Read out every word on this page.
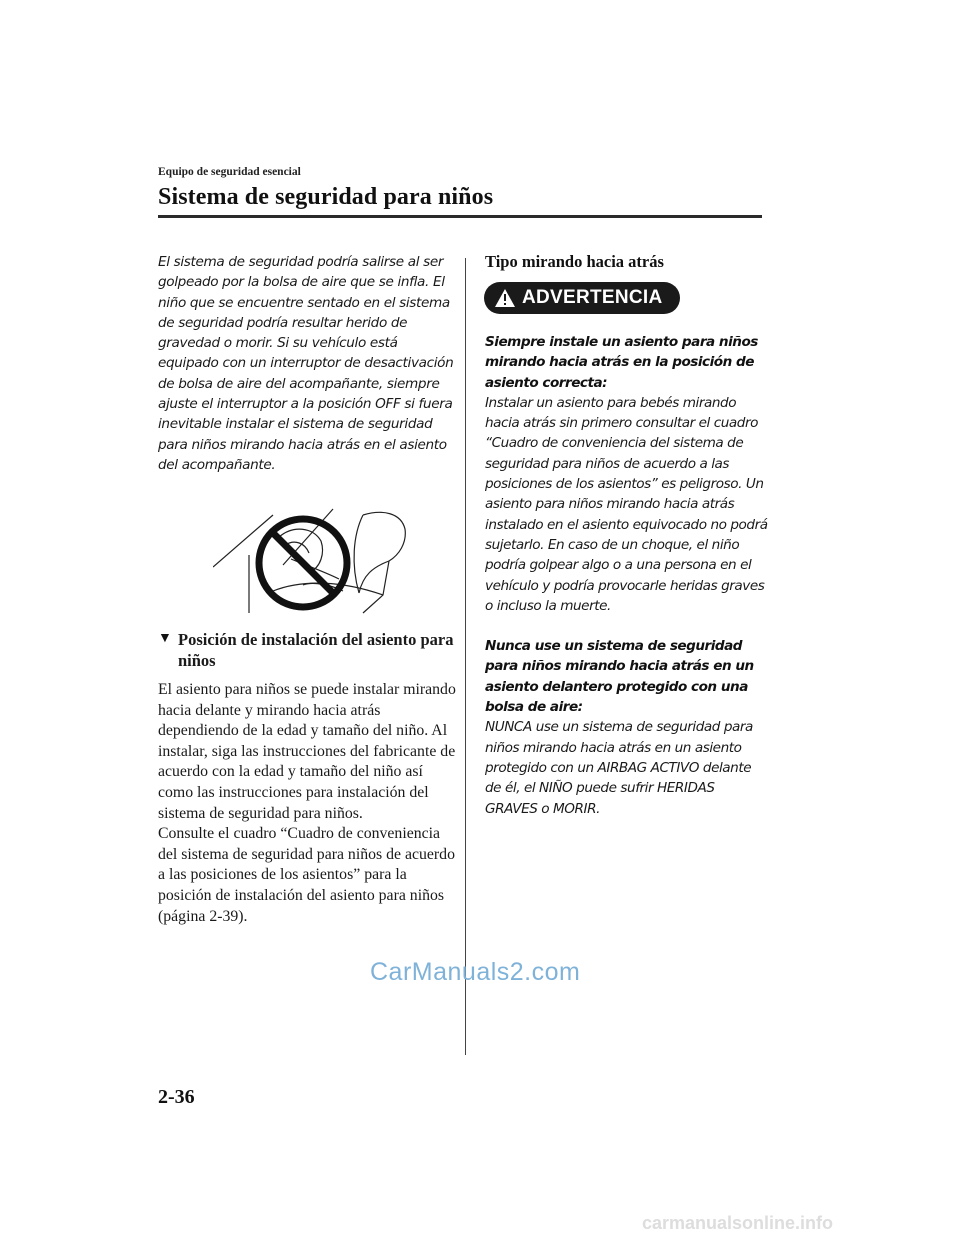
Equipo de seguridad esencial
Sistema de seguridad para niños

El sistema de seguridad podría salirse al ser golpeado por la bolsa de aire que se infla. El niño que se encuentre sentado en el sistema de seguridad podría resultar herido de gravedad o morir. Si su vehículo está equipado con un interruptor de desactivación de bolsa de aire del acompañante, siempre ajuste el interruptor a la posición OFF si fuera inevitable instalar el sistema de seguridad para niños mirando hacia atrás en el asiento del acompañante.

▼ Posición de instalación del asiento para niños

El asiento para niños se puede instalar mirando hacia delante y mirando hacia atrás dependiendo de la edad y tamaño del niño. Al instalar, siga las instrucciones del fabricante de acuerdo con la edad y tamaño del niño así como las instrucciones para instalación del sistema de seguridad para niños.

Consulte el cuadro “Cuadro de conveniencia del sistema de seguridad para niños de acuerdo a las posiciones de los asientos” para la posición de instalación del asiento para niños (página 2-39).

Tipo mirando hacia atrás

ADVERTENCIA

Siempre instale un asiento para niños mirando hacia atrás en la posición de asiento correcta:

Instalar un asiento para bebés mirando hacia atrás sin primero consultar el cuadro “Cuadro de conveniencia del sistema de seguridad para niños de acuerdo a las posiciones de los asientos” es peligroso. Un asiento para niños mirando hacia atrás instalado en el asiento equivocado no podrá sujetarlo. En caso de un choque, el niño podría golpear algo o a una persona en el vehículo y podría provocarle heridas graves o incluso la muerte.

Nunca use un sistema de seguridad para niños mirando hacia atrás en un asiento delantero protegido con una bolsa de aire:

NUNCA use un sistema de seguridad para niños mirando hacia atrás en un asiento protegido con un AIRBAG ACTIVO delante de él, el NIÑO puede sufrir HERIDAS GRAVES o MORIR.

CarManuals2.com
2-36
carmanualsonline.info
